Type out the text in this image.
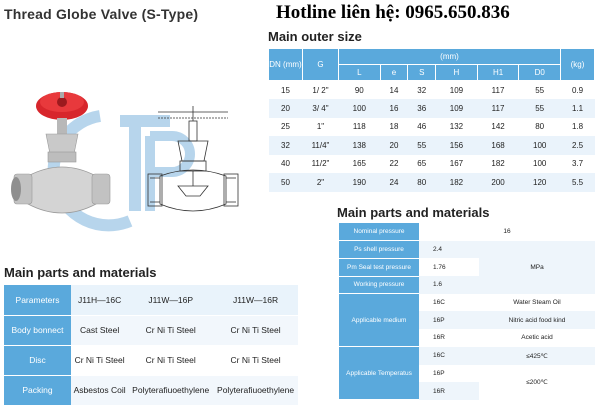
Thread Globe Valve (S-Type)	Hotline liên hệ: 0965.650.836
Main outer size
DN (mm)	G	(mm)						(kg)
		L	e	S	H	H1	D0	
15	1/ 2"	90	14	32	109	117	55	0.9
20	3/ 4"	100	16	36	109	117	55	1.1
25	1"	118	18	46	132	142	80	1.8
32	11/4"	138	20	55	156	168	100	2.5
40	11/2"	165	22	65	167	182	100	3.7
50	2"	190	24	80	182	200	120	5.5
Main parts and materials
Nominal pressure	16	
Ps shell pressure	2.4	MPa
Pm Seal test pressure	1.76	
Working pressure	1.6	
Applicable medium	16C	Water Steam Oil
	16P	Nitric acid food kind
	16R	Acetic acid
Applicable Temperatus	16C	≤425℃
	16P	≤200℃
	16R	
Main parts and materials
Parameters	J11H—16C	J11W—16P	J11W—16R
Body bonnect	Cast Steel	Cr Ni Ti Steel	Cr Ni Ti Steel
Disc	Cr Ni Ti Steel	Cr Ni Ti Steel	Cr Ni Ti Steel
Packing	Asbestos Coil	Polyterafiuoethylene	Polyterafiuoethylene
